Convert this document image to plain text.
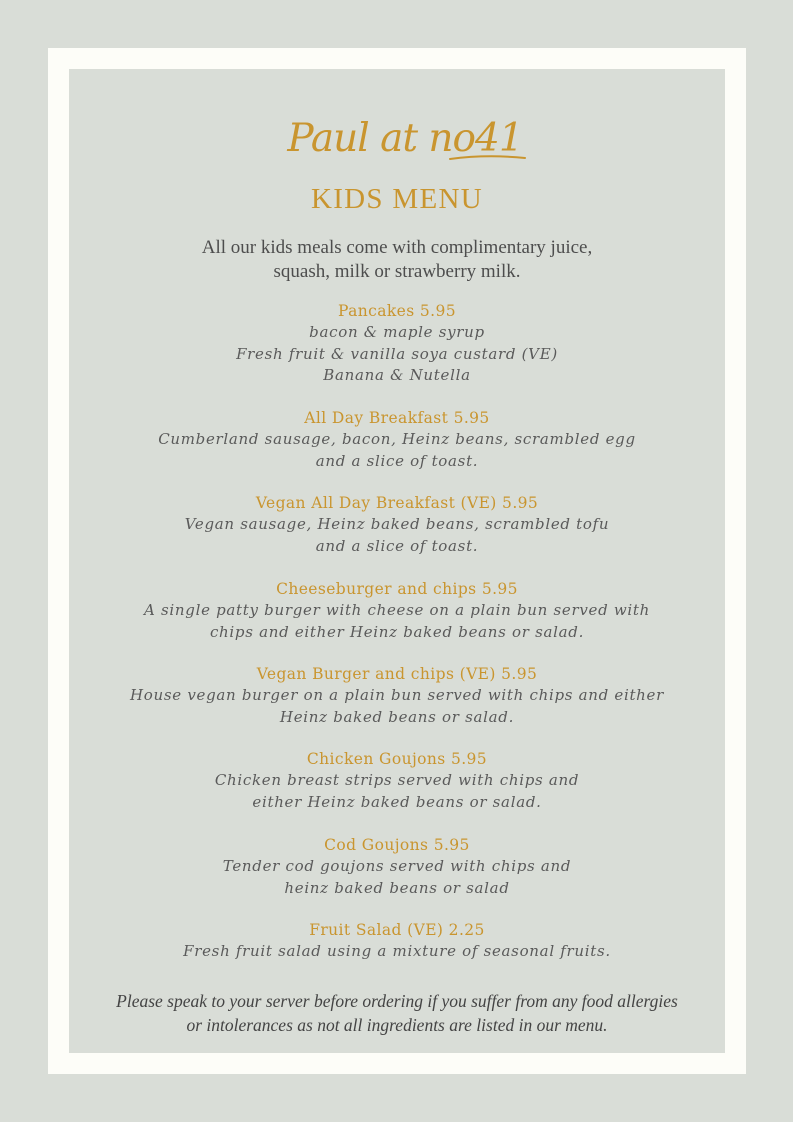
Paul at no41
KIDS MENU
All our kids meals come with complimentary juice,
squash, milk or strawberry milk.
Pancakes 5.95
bacon & maple syrup
Fresh fruit & vanilla soya custard (VE)
Banana & Nutella
All Day Breakfast 5.95
Cumberland sausage, bacon, Heinz beans, scrambled egg
and a slice of toast.
Vegan All Day Breakfast (VE) 5.95
Vegan sausage, Heinz baked beans, scrambled tofu
and a slice of toast.
Cheeseburger and chips 5.95
A single patty burger with cheese on a plain bun served with
chips and either Heinz baked beans or salad.
Vegan Burger and chips (VE) 5.95
House vegan burger on a plain bun served with chips and either
Heinz baked beans or salad.
Chicken Goujons 5.95
Chicken breast strips served with chips and
either Heinz baked beans or salad.
Cod Goujons 5.95
Tender cod goujons served with chips and
heinz baked beans or salad
Fruit Salad (VE) 2.25
Fresh fruit salad using a mixture of seasonal fruits.
Please speak to your server before ordering if you suffer from any food allergies
or intolerances as not all ingredients are listed in our menu.
